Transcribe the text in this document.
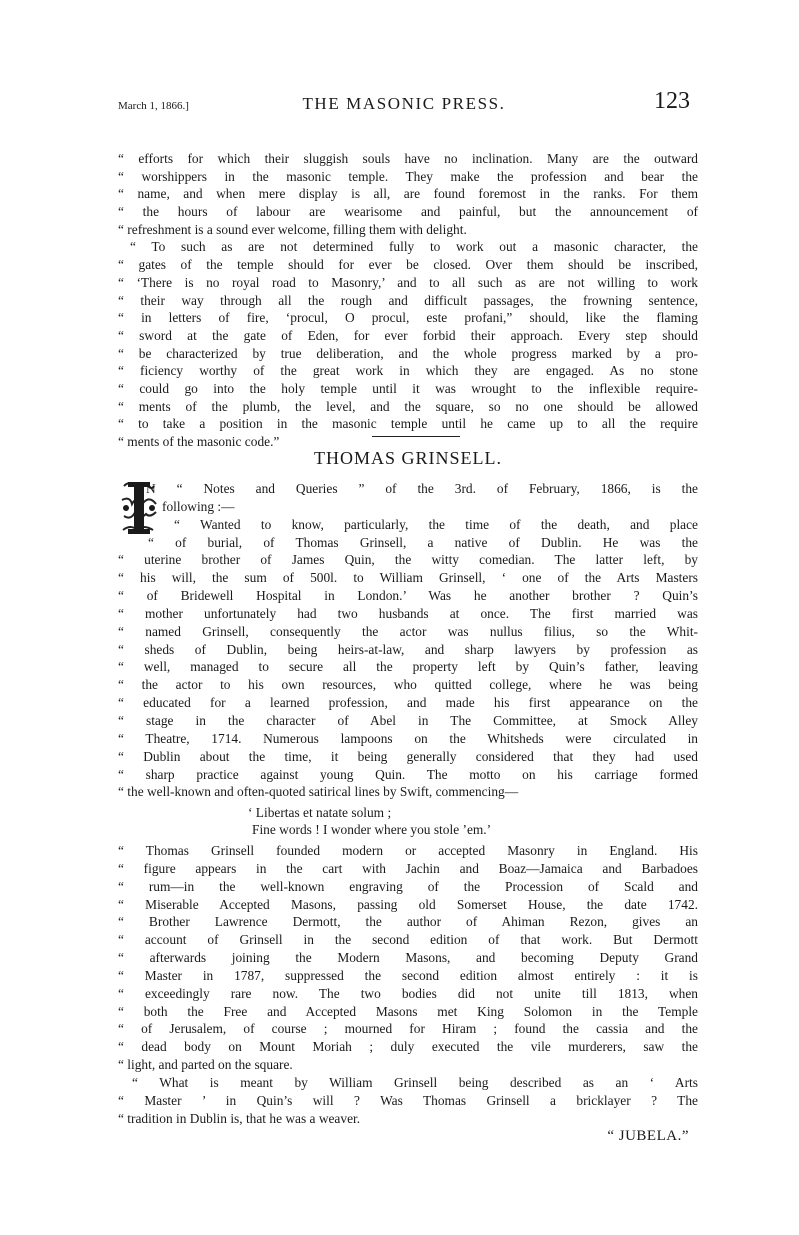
March 1, 1866.]	THE MASONIC PRESS.	123
“ efforts for which their sluggish souls have no inclination. Many are the outward
“ worshippers in the masonic temple. They make the profession and bear the
“ name, and when mere display is all, are found foremost in the ranks. For them
“ the hours of labour are wearisome and painful, but the announcement of
“ refreshment is a sound ever welcome, filling them with delight.
“ To such as are not determined fully to work out a masonic character, the
“ gates of the temple should for ever be closed. Over them should be inscribed,
“ ‘There is no royal road to Masonry,’ and to all such as are not willing to work
“ their way through all the rough and difficult passages, the frowning sentence,
“ in letters of fire, ‘procul, O procul, este profani,” should, like the flaming
“ sword at the gate of Eden, for ever forbid their approach. Every step should
“ be characterized by true deliberation, and the whole progress marked by a pro-
“ ficiency worthy of the great work in which they are engaged. As no stone
“ could go into the holy temple until it was wrought to the inflexible require-
“ ments of the plumb, the level, and the square, so no one should be allowed
“ to take a position in the masonic temple until he came up to all the require
“ ments of the masonic code.”
THOMAS GRINSELL.
N “ Notes and Queries ” of the 3rd. of February, 1866, is the
following :—
“ Wanted to know, particularly, the time of the death, and place
“ of burial, of Thomas Grinsell, a native of Dublin. He was the
“ uterine brother of James Quin, the witty comedian. The latter left, by
“ his will, the sum of 500l. to William Grinsell, ‘ one of the Arts Masters
“ of Bridewell Hospital in London.’ Was he another brother ? Quin’s
“ mother unfortunately had two husbands at once. The first married was
“ named Grinsell, consequently the actor was nullus filius, so the Whit-
“ sheds of Dublin, being heirs-at-law, and sharp lawyers by profession as
“ well, managed to secure all the property left by Quin’s father, leaving
“ the actor to his own resources, who quitted college, where he was being
“ educated for a learned profession, and made his first appearance on the
“ stage in the character of Abel in The Committee, at Smock Alley
“ Theatre, 1714. Numerous lampoons on the Whitsheds were circulated in
“ Dublin about the time, it being generally considered that they had used
“ sharp practice against young Quin. The motto on his carriage formed
“ the well-known and often-quoted satirical lines by Swift, commencing—
‘ Libertas et natate solum ;
Fine words ! I wonder where you stole ’em.’
“ Thomas Grinsell founded modern or accepted Masonry in England. His
“ figure appears in the cart with Jachin and Boaz—Jamaica and Barbadoes
“ rum—in the well-known engraving of the Procession of Scald and
“ Miserable Accepted Masons, passing old Somerset House, the date 1742.
“ Brother Lawrence Dermott, the author of Ahiman Rezon, gives an
“ account of Grinsell in the second edition of that work. But Dermott
“ afterwards joining the Modern Masons, and becoming Deputy Grand
“ Master in 1787, suppressed the second edition almost entirely : it is
“ exceedingly rare now. The two bodies did not unite till 1813, when
“ both the Free and Accepted Masons met King Solomon in the Temple
“ of Jerusalem, of course ; mourned for Hiram ; found the cassia and the
“ dead body on Mount Moriah ; duly executed the vile murderers, saw the
“ light, and parted on the square.
“ What is meant by William Grinsell being described as an ‘ Arts
“ Master ’ in Quin’s will ? Was Thomas Grinsell a bricklayer ? The
“ tradition in Dublin is, that he was a weaver.
“ JUBELA.”
